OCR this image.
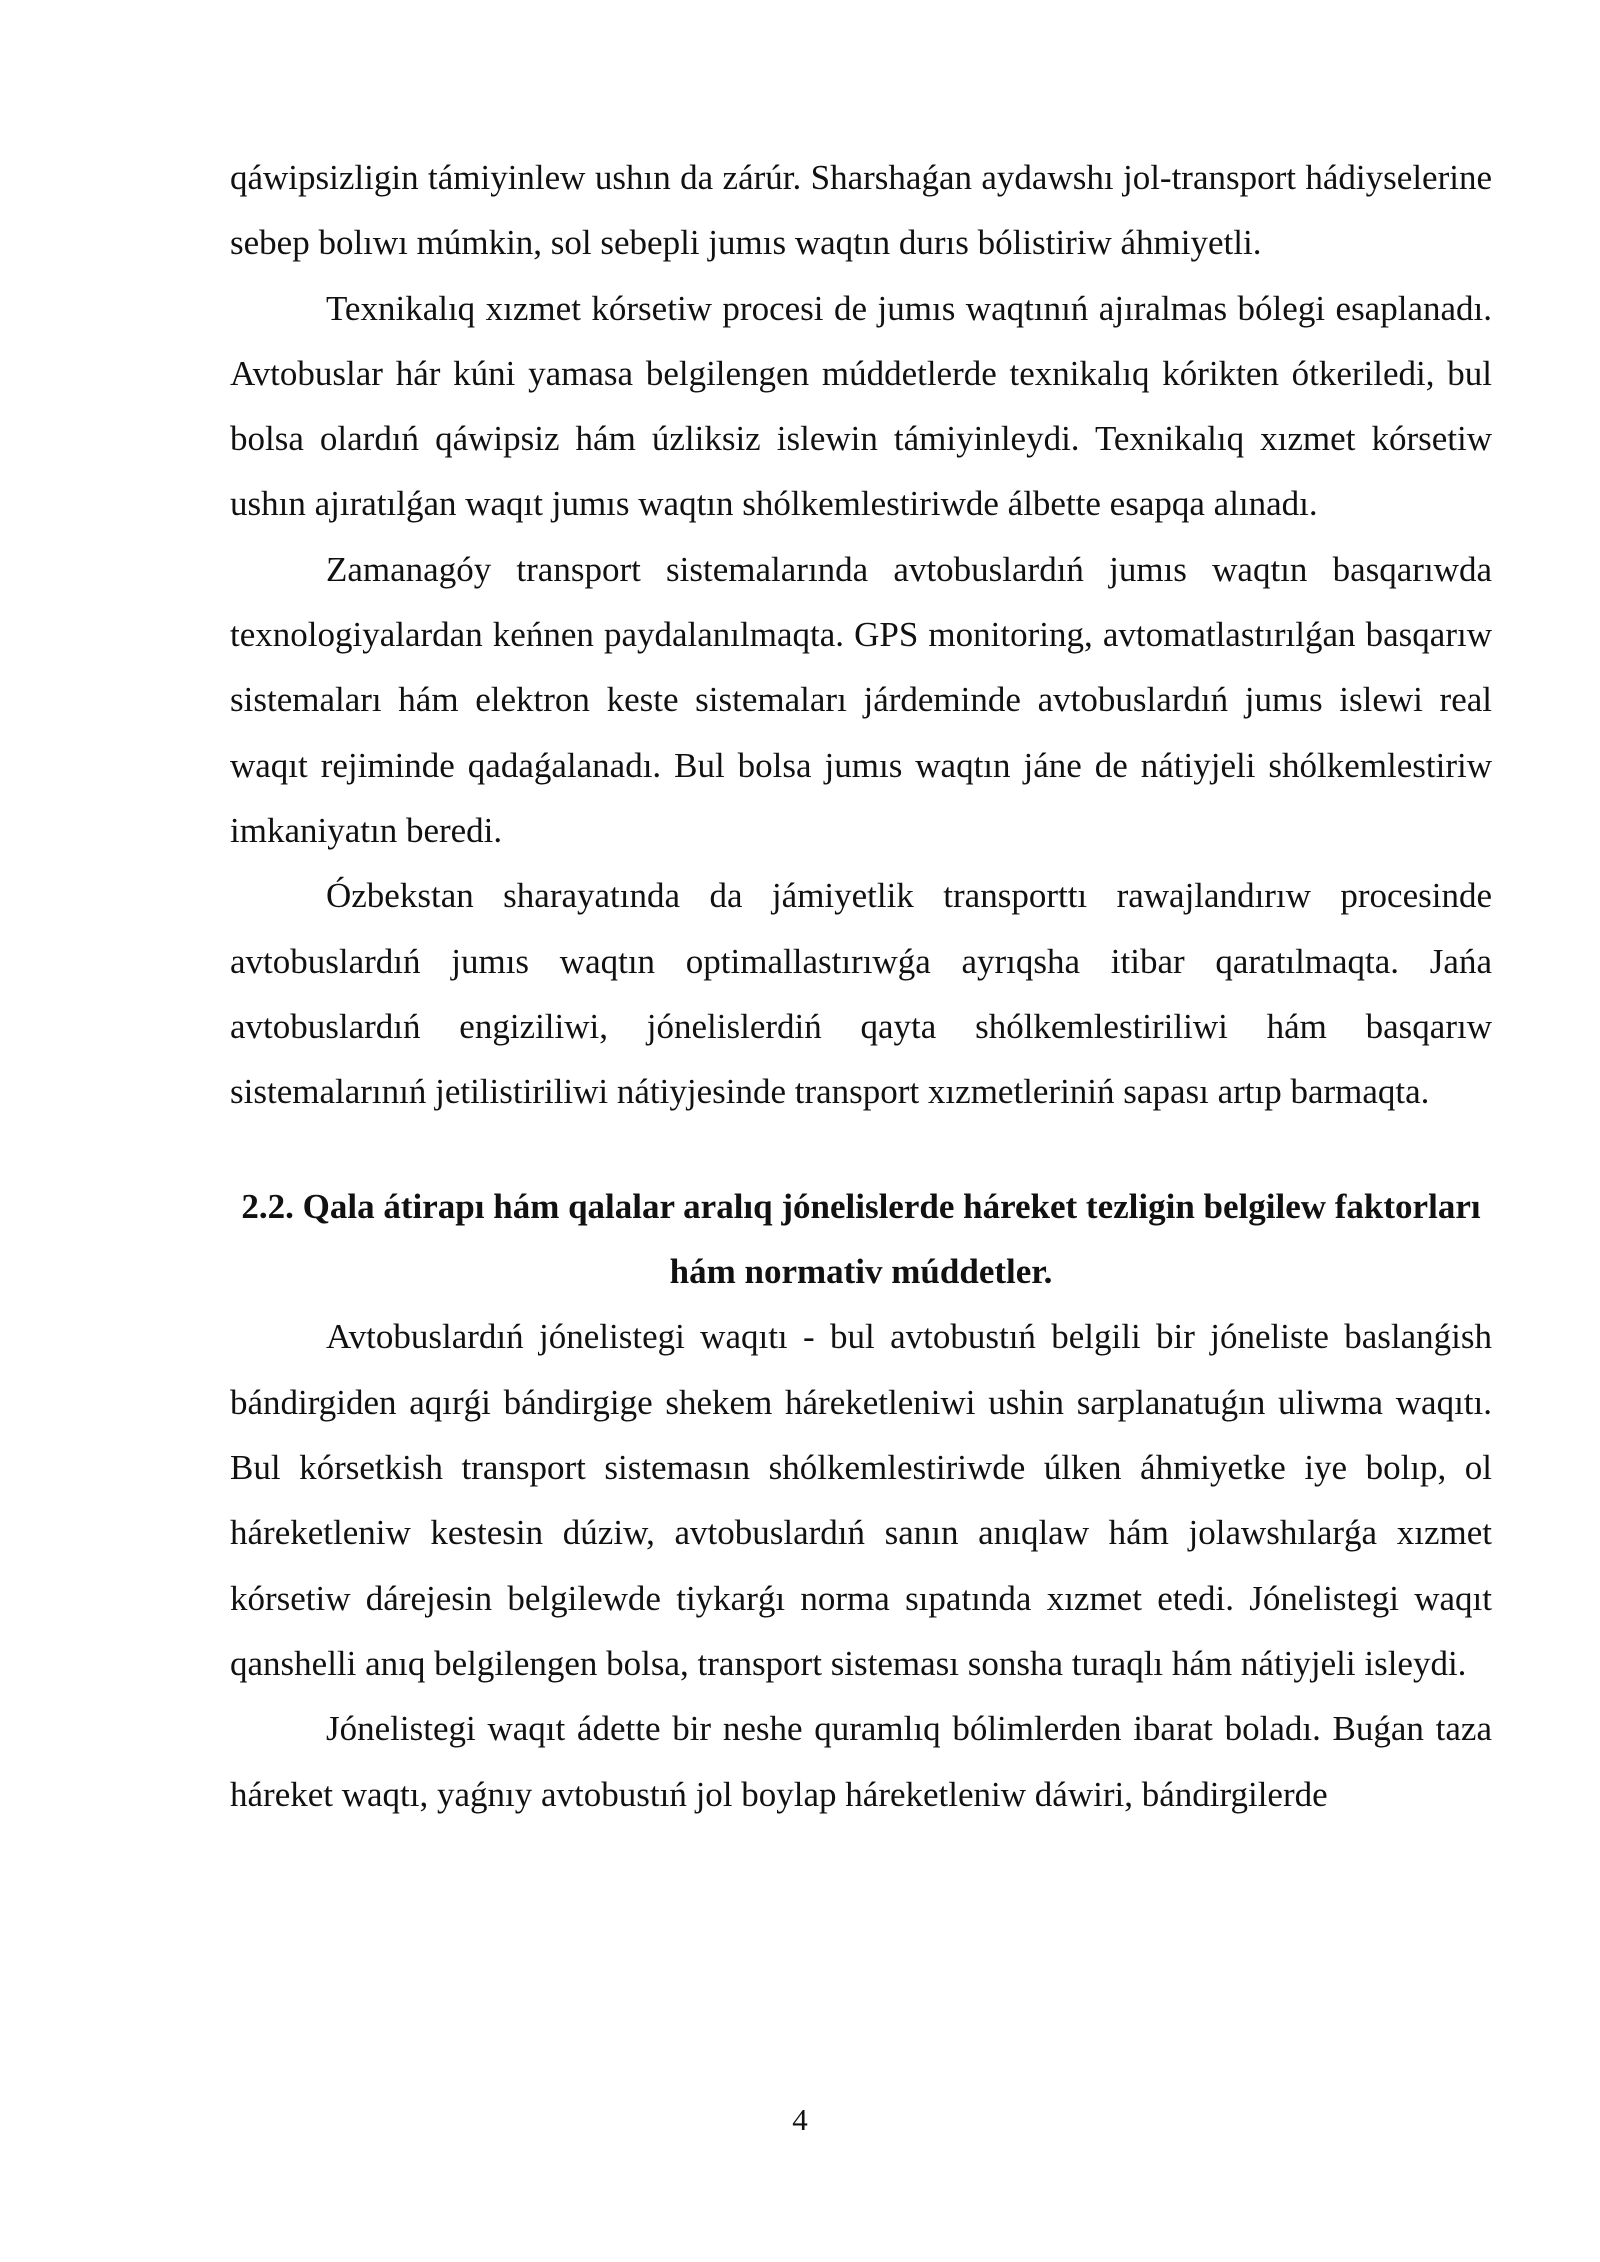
qáwipsizligin támiyinlew ushın da zárúr. Sharshaǵan aydawshı jol-transport hádiyselerine sebep bolıwı múmkin, sol sebepli jumıs waqtın durıs bólistiriw áhmiyetli.

Texnikalıq xızmet kórsetiw procesi de jumıs waqtınıń ajıralmas bólegi esaplanadı. Avtobuslar hár kúni yamasa belgilengen múddetlerde texnikalıq kórikten ótkeriledi, bul bolsa olardıń qáwipsiz hám úzliksiz islewin támiyinleydi. Texnikalıq xızmet kórsetiw ushın ajıratılǵan waqıt jumıs waqtın shólkemlestiriwde álbette esapqa alınadı.

Zamanagóy transport sistemalarında avtobuslardıń jumıs waqtın basqarıwda texnologiyalardan keńnen paydalanılmaqta. GPS monitoring, avtomatlastırılǵan basqarıw sistemaları hám elektron keste sistemaları járdeminde avtobuslardıń jumıs islewi real waqıt rejiminde qadaǵalanadı. Bul bolsa jumıs waqtın jáne de nátiyjeli shólkemlestiriw imkaniyatın beredi.

Ózbekstan sharayatında da jámiyetlik transporttı rawajlandırıw procesinde avtobuslardıń jumıs waqtın optimallastırıwǵa ayrıqsha itibar qaratılmaqta. Jańa avtobuslardıń engiziliwi, jónelislerdiń qayta shólkemlestiriliwi hám basqarıw sistemalarınıń jetilistiriliwi nátiyjesinde transport xızmetleriniń sapası artıp barmaqta.

2.2. Qala átirapı hám qalalar aralıq jónelislerde háreket tezligin belgilew faktorları hám normativ múddetler.

Avtobuslardıń jónelistegi waqıtı - bul avtobustıń belgili bir jóneliste baslanǵish bándirgiden aqırǵi bándirgige shekem háreketleniwi ushin sarplanatuǵın uliwma waqıtı. Bul kórsetkish transport sistemasın shólkemlestiriwde úlken áhmiyetke iye bolıp, ol háreketleniw kestesin dúziw, avtobuslardıń sanın anıqlaw hám jolawshılarǵa xızmet kórsetiw dárejesin belgilewde tiykarǵı norma sıpatında xızmet etedi. Jónelistegi waqıt qanshelli anıq belgilengen bolsa, transport sisteması sonsha turaqlı hám nátiyjeli isleydi.

Jónelistegi waqıt ádette bir neshe quramlıq bólimlerden ibarat boladı. Buǵan taza háreket waqtı, yaǵnıy avtobustıń jol boylap háreketleniw dáwiri, bándirgilerde

4
